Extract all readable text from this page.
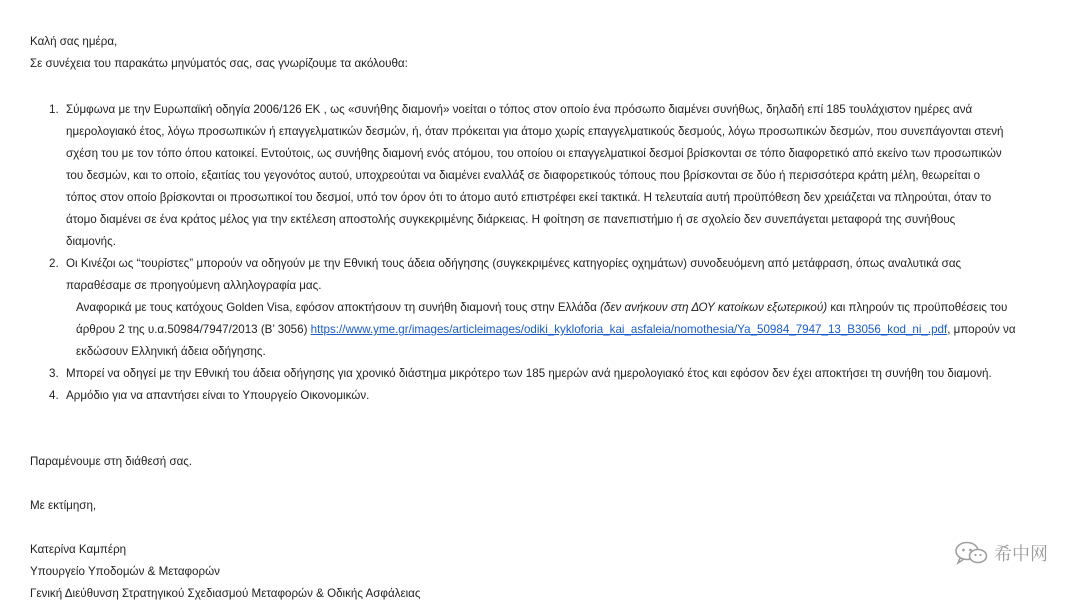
Καλή σας ημέρα,
Σε συνέχεια του παρακάτω μηνύματός σας, σας γνωρίζουμε τα ακόλουθα:
1. Σύμφωνα με την Ευρωπαϊκή οδηγία 2006/126 ΕΚ , ως «συνήθης διαμονή» νοείται ο τόπος στον οποίο ένα πρόσωπο διαμένει συνήθως, δηλαδή επί 185 τουλάχιστον ημέρες ανά
ημερολογιακό έτος, λόγω προσωπικών ή επαγγελματικών δεσμών, ή, όταν πρόκειται για άτομο χωρίς επαγγελματικούς δεσμούς, λόγω προσωπικών δεσμών, που συνεπάγονται στενή
σχέση του με τον τόπο όπου κατοικεί. Εντούτοις, ως συνήθης διαμονή ενός ατόμου, του οποίου οι επαγγελματικοί δεσμοί βρίσκονται σε τόπο διαφορετικό από εκείνο των προσωπικών
του δεσμών, και το οποίο, εξαιτίας του γεγονότος αυτού, υποχρεούται να διαμένει εναλλάξ σε διαφορετικούς τόπους που βρίσκονται σε δύο ή περισσότερα κράτη μέλη, θεωρείται ο
τόπος στον οποίο βρίσκονται οι προσωπικοί του δεσμοί, υπό τον όρον ότι το άτομο αυτό επιστρέφει εκεί τακτικά. Η τελευταία αυτή προϋπόθεση δεν χρειάζεται να πληρούται, όταν το
άτομο διαμένει σε ένα κράτος μέλος για την εκτέλεση αποστολής συγκεκριμένης διάρκειας. Η φοίτηση σε πανεπιστήμιο ή σε σχολείο δεν συνεπάγεται μεταφορά της συνήθους
διαμονής.
2. Οι Κινέζοι ως “τουρίστες” μπορούν να οδηγούν με την Εθνική τους άδεια οδήγησης (συγκεκριμένες κατηγορίες οχημάτων) συνοδευόμενη από μετάφραση, όπως αναλυτικά σας
παραθέσαμε σε προηγούμενη αλληλογραφία μας.
Αναφορικά με τους κατόχους Golden Visa, εφόσον αποκτήσουν τη συνήθη διαμονή τους στην Ελλάδα (δεν ανήκουν στη ΔΟΥ κατοίκων εξωτερικού) και πληρούν τις προϋποθέσεις του
άρθρου 2 της υ.α.50984/7947/2013 (Β’ 3056) https://www.yme.gr/images/articleimages/odiki_kykloforia_kai_asfaleia/nomothesia/Ya_50984_7947_13_B3056_kod_ni_.pdf, μπορούν να
εκδώσουν Ελληνική άδεια οδήγησης.
3. Μπορεί να οδηγεί με την Εθνική του άδεια οδήγησης για χρονικό διάστημα μικρότερο των 185 ημερών ανά ημερολογιακό έτος και εφόσον δεν έχει αποκτήσει τη συνήθη του διαμονή.
4. Αρμόδιο για να απαντήσει είναι το Υπουργείο Οικονομικών.
Παραμένουμε στη διάθεσή σας.
Με εκτίμηση,
Κατερίνα Καμπέρη
Υπουργείο Υποδομών & Μεταφορών
Γενική Διεύθυνση Στρατηγικού Σχεδιασμού Μεταφορών & Οδικής Ασφάλειας
希中网
